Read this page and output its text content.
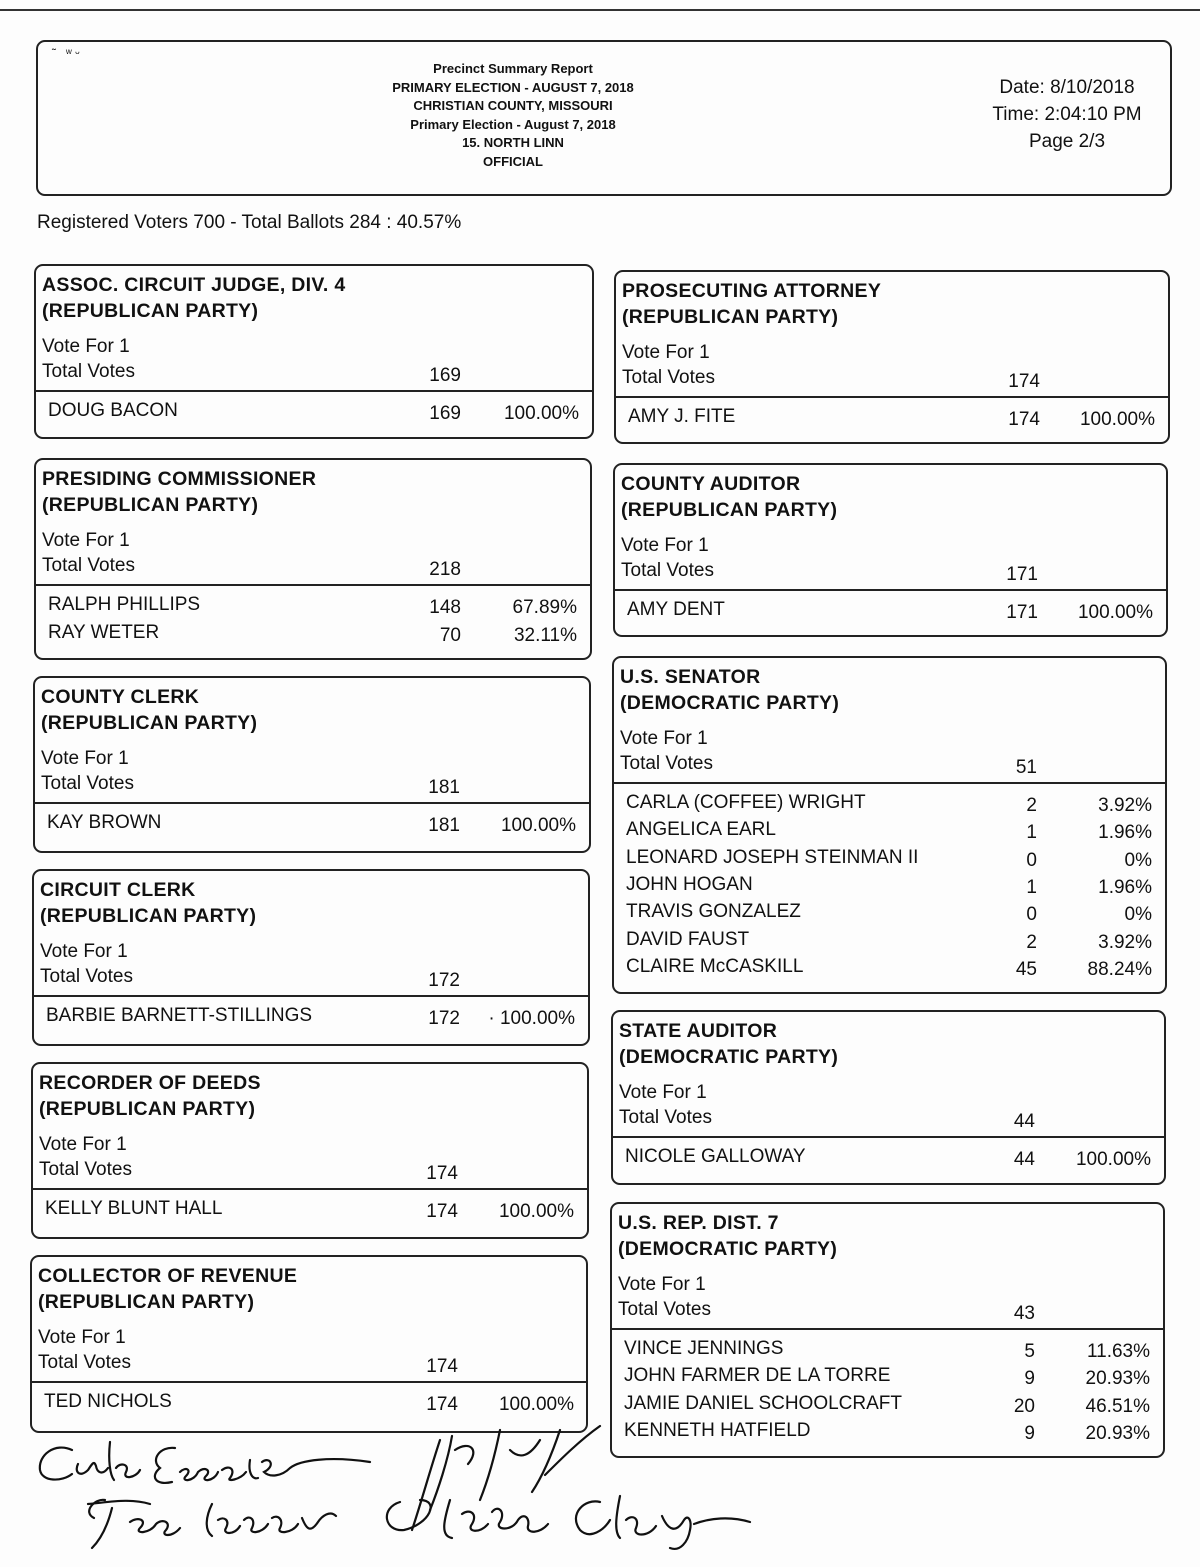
˜   ʷ ᵕ
Precinct Summary Report
PRIMARY ELECTION - AUGUST 7, 2018
CHRISTIAN COUNTY, MISSOURI
Primary Election - August 7, 2018
15. NORTH LINN
OFFICIAL
Date: 8/10/2018
Time: 2:04:10 PM
Page 2/3
Registered Voters 700 - Total Ballots 284 : 40.57%
ASSOC. CIRCUIT JUDGE, DIV. 4
(REPUBLICAN PARTY)
Vote For 1
Total Votes	169
DOUG BACON	169	100.00%
PRESIDING COMMISSIONER
(REPUBLICAN PARTY)
Vote For 1
Total Votes	218
RALPH PHILLIPS	148	67.89%
RAY WETER	70	32.11%
COUNTY CLERK
(REPUBLICAN PARTY)
Vote For 1
Total Votes	181
KAY BROWN	181	100.00%
CIRCUIT CLERK
(REPUBLICAN PARTY)
Vote For 1
Total Votes	172
BARBIE BARNETT-STILLINGS	172	· 100.00%
RECORDER OF DEEDS
(REPUBLICAN PARTY)
Vote For 1
Total Votes	174
KELLY BLUNT HALL	174	100.00%
COLLECTOR OF REVENUE
(REPUBLICAN PARTY)
Vote For 1
Total Votes	174
TED NICHOLS	174	100.00%
PROSECUTING ATTORNEY
(REPUBLICAN PARTY)
Vote For 1
Total Votes	174
AMY J. FITE	174	100.00%
COUNTY AUDITOR
(REPUBLICAN PARTY)
Vote For 1
Total Votes	171
AMY DENT	171	100.00%
U.S. SENATOR
(DEMOCRATIC PARTY)
Vote For 1
Total Votes	51
CARLA (COFFEE) WRIGHT	2	3.92%
ANGELICA EARL	1	1.96%
LEONARD JOSEPH STEINMAN II	0	0%
JOHN HOGAN	1	1.96%
TRAVIS GONZALEZ	0	0%
DAVID FAUST	2	3.92%
CLAIRE McCASKILL	45	88.24%
STATE AUDITOR
(DEMOCRATIC PARTY)
Vote For 1
Total Votes	44
NICOLE GALLOWAY	44	100.00%
U.S. REP. DIST. 7
(DEMOCRATIC PARTY)
Vote For 1
Total Votes	43
VINCE JENNINGS	5	11.63%
JOHN FARMER DE LA TORRE	9	20.93%
JAMIE DANIEL SCHOOLCRAFT	20	46.51%
KENNETH HATFIELD	9	20.93%
